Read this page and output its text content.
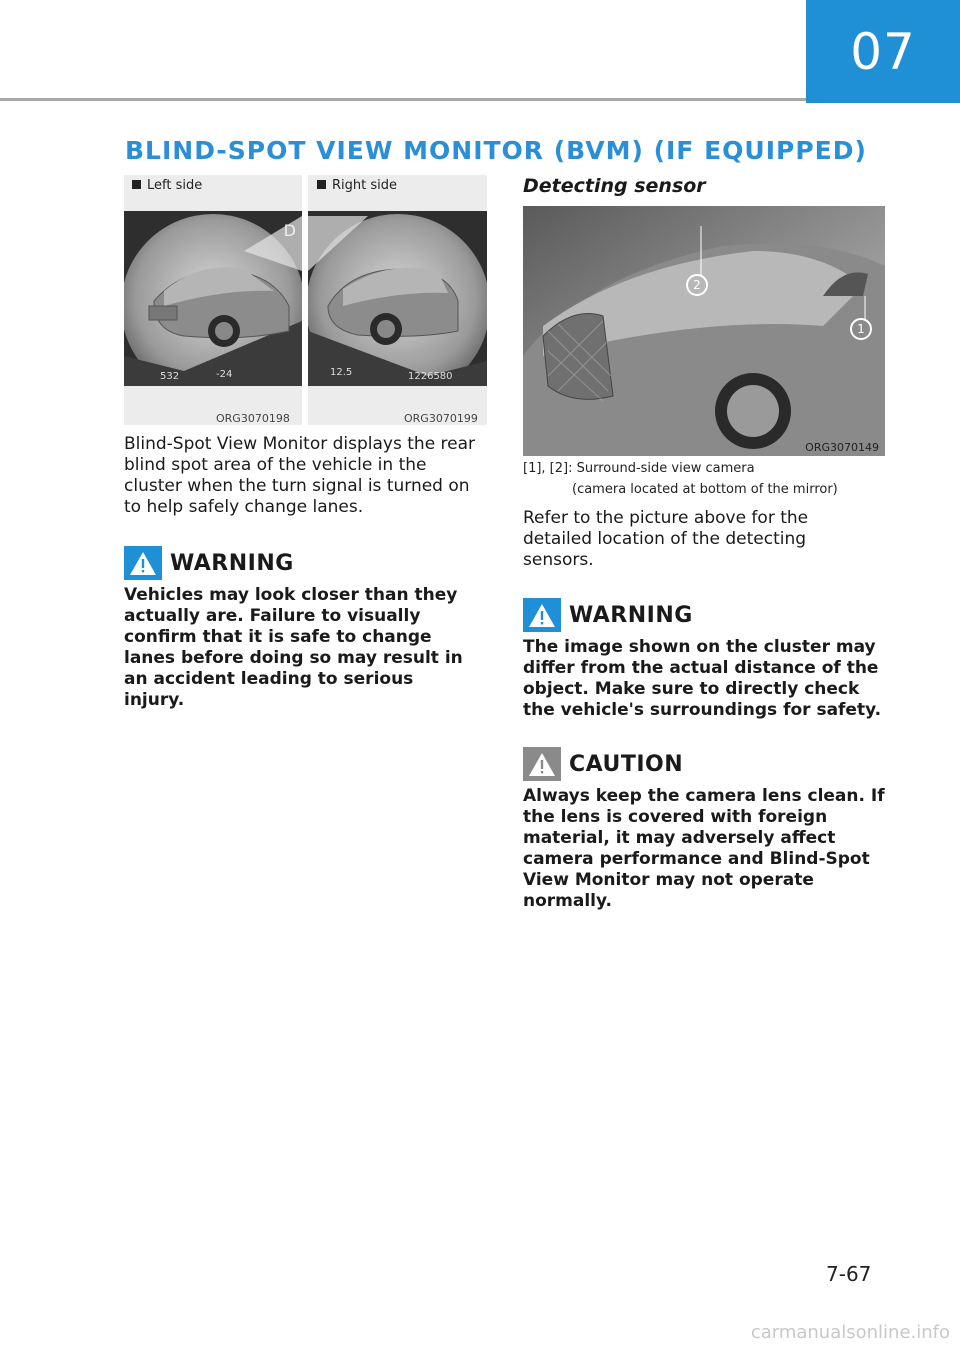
07
BLIND-SPOT VIEW MONITOR (BVM) (IF EQUIPPED)
Left side	Right side
D
532	-24	12.5	1226580
ORG3070198	ORG3070199
Blind-Spot View Monitor displays the rear blind spot area of the vehicle in the cluster when the turn signal is turned on to help safely change lanes.
WARNING
Vehicles may look closer than they actually are. Failure to visually confirm that it is safe to change lanes before doing so may result in an accident leading to serious injury.
Detecting sensor
2
1
ORG3070149
[1], [2]: Surround-side view camera
(camera located at bottom of the mirror)
Refer to the picture above for the detailed location of the detecting sensors.
WARNING
The image shown on the cluster may differ from the actual distance of the object. Make sure to directly check the vehicle's surroundings for safety.
CAUTION
Always keep the camera lens clean. If the lens is covered with foreign material, it may adversely affect camera performance and Blind-Spot View Monitor may not operate normally.
7-67
carmanualsonline.info
